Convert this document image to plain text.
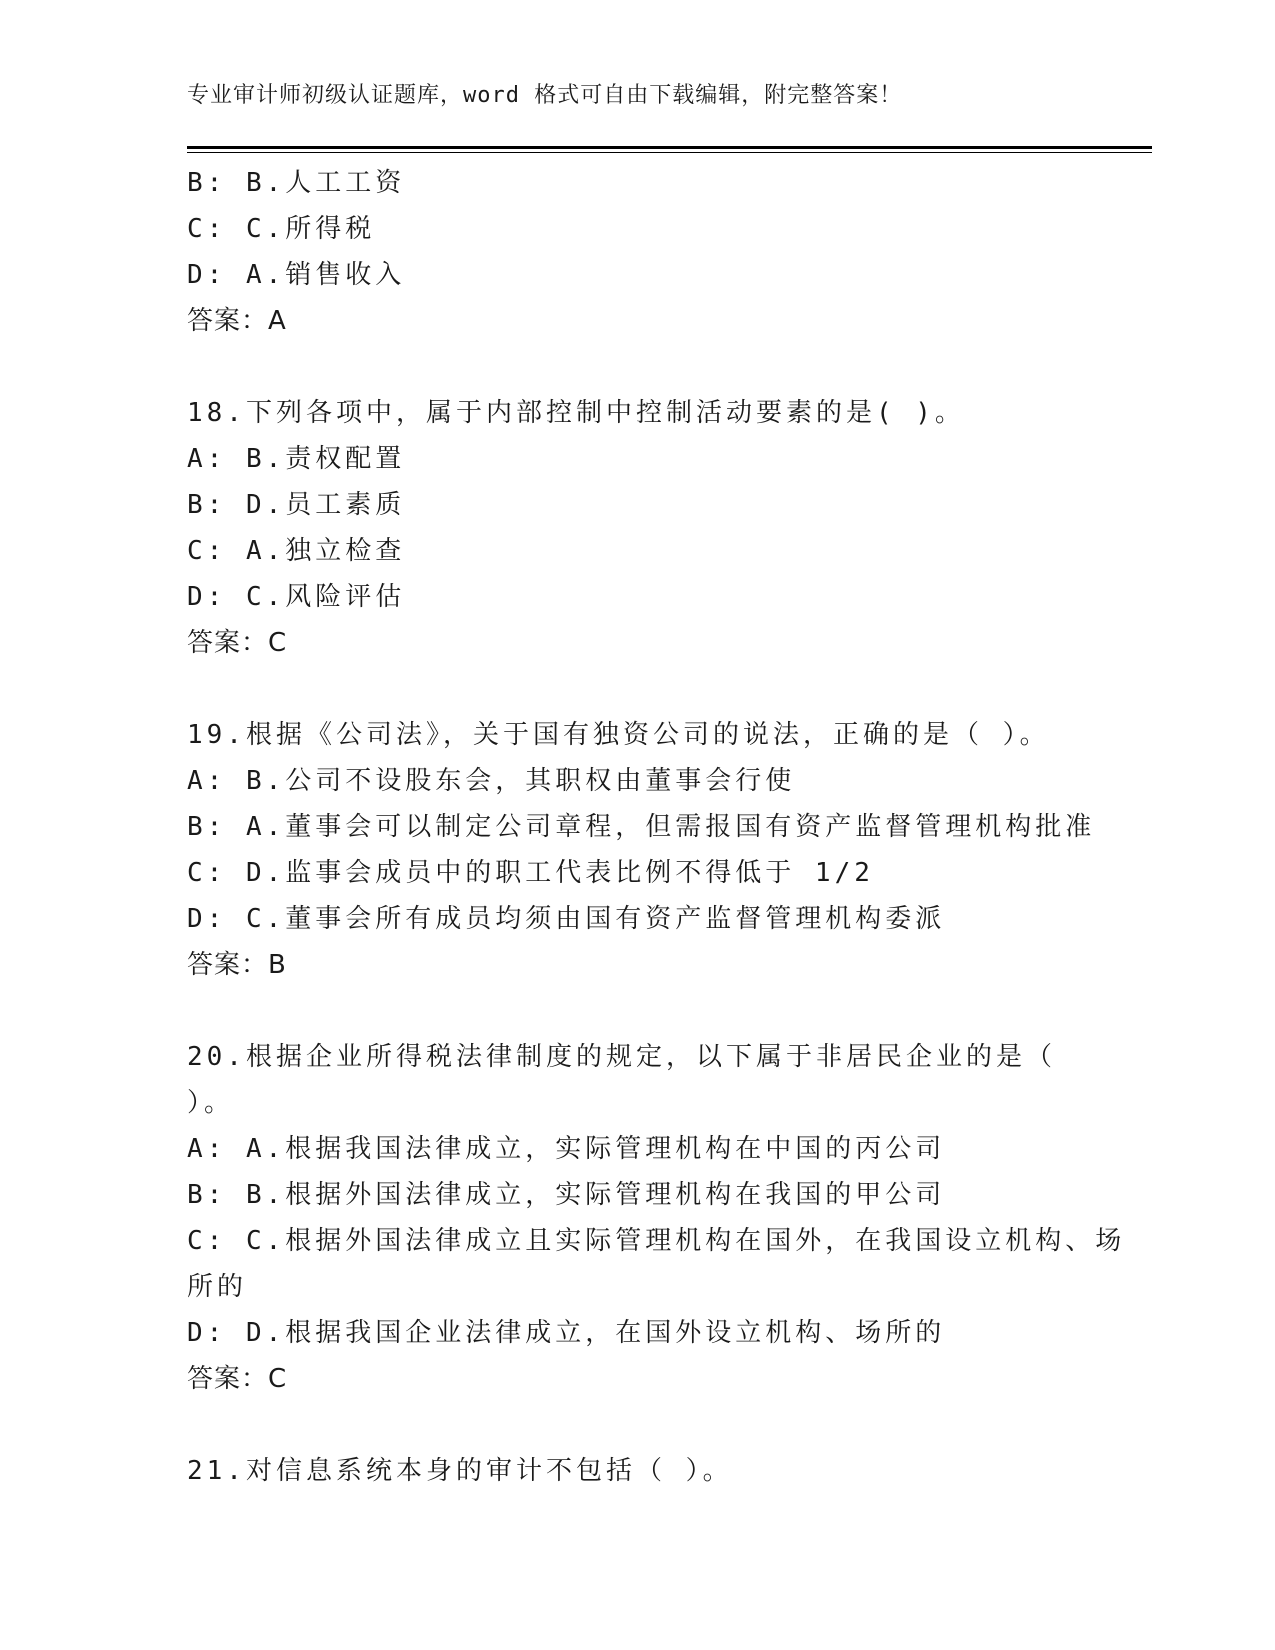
专业审计师初级认证题库，word 格式可自由下载编辑，附完整答案！
B: B.人工工资
C: C.所得税
D: A.销售收入
答案：A
18.下列各项中，属于内部控制中控制活动要素的是( )。
A: B.责权配置
B: D.员工素质
C: A.独立检查
D: C.风险评估
答案：C
19.根据《公司法》，关于国有独资公司的说法，正确的是（ ）。
A: B.公司不设股东会，其职权由董事会行使
B: A.董事会可以制定公司章程，但需报国有资产监督管理机构批准
C: D.监事会成员中的职工代表比例不得低于 1/2
D: C.董事会所有成员均须由国有资产监督管理机构委派
答案：B
20.根据企业所得税法律制度的规定，以下属于非居民企业的是（
）。
A: A.根据我国法律成立，实际管理机构在中国的丙公司
B: B.根据外国法律成立，实际管理机构在我国的甲公司
C: C.根据外国法律成立且实际管理机构在国外，在我国设立机构、场
所的
D: D.根据我国企业法律成立，在国外设立机构、场所的
答案：C
21.对信息系统本身的审计不包括（ ）。
